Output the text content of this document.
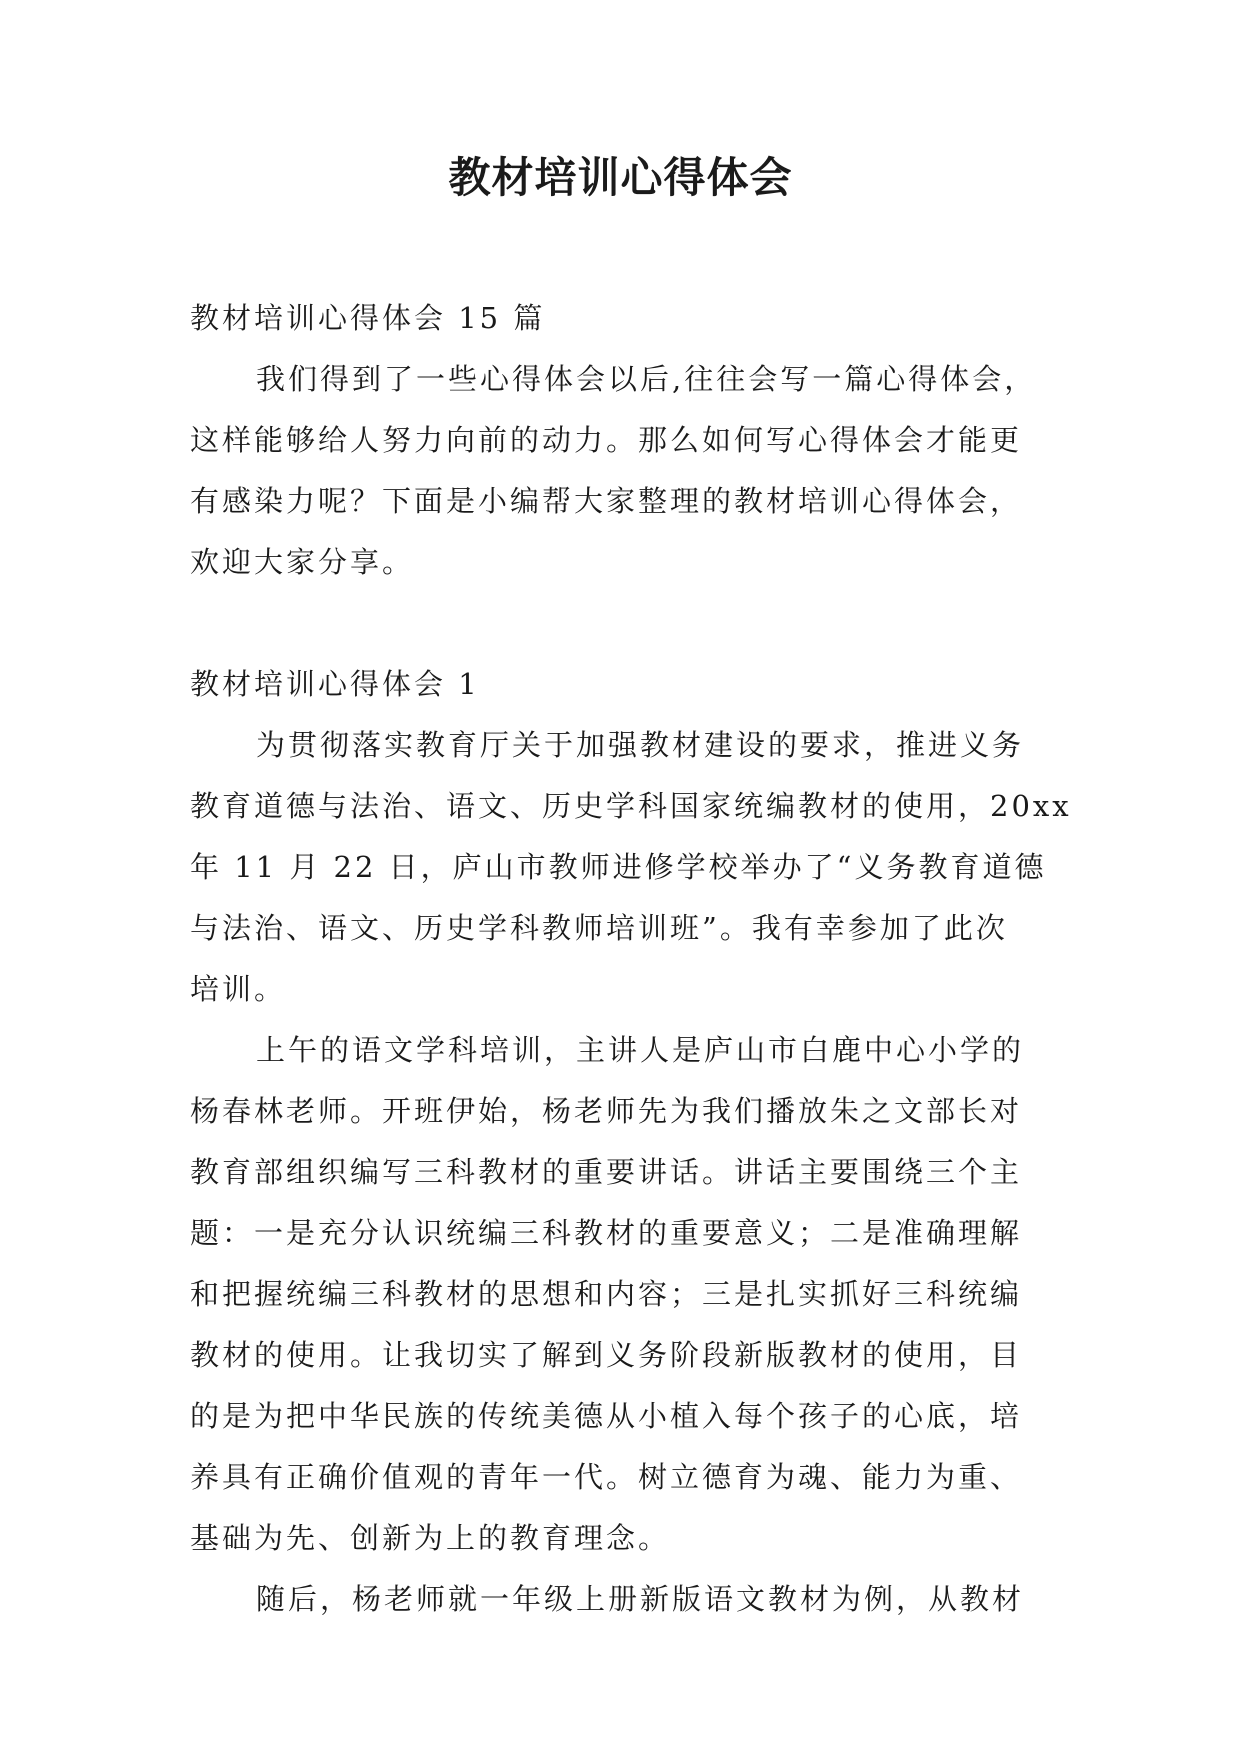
教材培训心得体会
教材培训心得体会 15 篇
我们得到了一些心得体会以后,往往会写一篇心得体会，
这样能够给人努力向前的动力。那么如何写心得体会才能更
有感染力呢？下面是小编帮大家整理的教材培训心得体会，
欢迎大家分享。
教材培训心得体会 1
为贯彻落实教育厅关于加强教材建设的要求，推进义务
教育道德与法治、语文、历史学科国家统编教材的使用，20xx
年 11 月 22 日，庐山市教师进修学校举办了“义务教育道德
与法治、语文、历史学科教师培训班”。我有幸参加了此次
培训。
上午的语文学科培训，主讲人是庐山市白鹿中心小学的
杨春林老师。开班伊始，杨老师先为我们播放朱之文部长对
教育部组织编写三科教材的重要讲话。讲话主要围绕三个主
题：一是充分认识统编三科教材的重要意义；二是准确理解
和把握统编三科教材的思想和内容；三是扎实抓好三科统编
教材的使用。让我切实了解到义务阶段新版教材的使用，目
的是为把中华民族的传统美德从小植入每个孩子的心底，培
养具有正确价值观的青年一代。树立德育为魂、能力为重、
基础为先、创新为上的教育理念。
随后，杨老师就一年级上册新版语文教材为例，从教材
